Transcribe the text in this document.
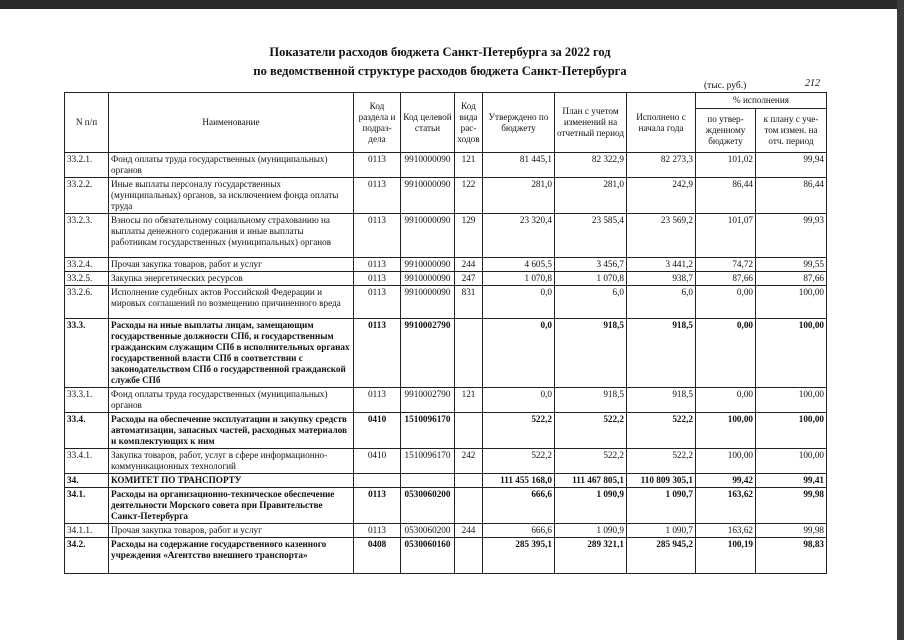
Показатели расходов бюджета Санкт-Петербурга за 2022 год
по ведомственной структуре расходов бюджета Санкт-Петербурга
(тыс. руб.)	212
N п/п	Наименование	Код раздела и подраз-дела	Код целевой статьи	Код вида рас-ходов	Утверждено по бюджету	План с учетом изменений на отчетный период	Исполнено с начала года	% исполнения	
								по утвер-жденному бюджету	к плану с уче-том измен. на отч. период
33.2.1.	Фонд оплаты труда государственных (муниципальных) органов	0113	9910000090	121	81 445,1	82 322,9	82 273,3	101,02	99,94
33.2.2.	Иные выплаты персоналу государственных (муниципальных) органов, за исключением фонда оплаты труда	0113	9910000090	122	281,0	281,0	242,9	86,44	86,44
33.2.3.	Взносы по обязательному социальному страхованию на выплаты денежного содержания и иные выплаты работникам государственных (муниципальных) органов	0113	9910000090	129	23 320,4	23 585,4	23 569,2	101,07	99,93
33.2.4.	Прочая закупка товаров, работ и услуг	0113	9910000090	244	4 605,5	3 456,7	3 441,2	74,72	99,55
33.2.5.	Закупка энергетических ресурсов	0113	9910000090	247	1 070,8	1 070,8	938,7	87,66	87,66
33.2.6.	Исполнение судебных актов Российской Федерации и мировых соглашений по возмещению причиненного вреда	0113	9910000090	831	0,0	6,0	6,0	0,00	100,00
33.3.	Расходы на иные выплаты лицам, замещающим государственные должности СПб, и государственным гражданским служащим СПб в исполнительных органах государственной власти СПб в соответствии с законодательством СПб о государственной гражданской службе СПб	0113	9910002790		0,0	918,5	918,5	0,00	100,00
33.3.1.	Фонд оплаты труда государственных (муниципальных) органов	0113	9910002790	121	0,0	918,5	918,5	0,00	100,00
33.4.	Расходы на обеспечение эксплуатации и закупку средств автоматизации, запасных частей, расходных материалов и комплектующих к ним	0410	1510096170		522,2	522,2	522,2	100,00	100,00
33.4.1.	Закупка товаров, работ, услуг в сфере информационно-коммуникационных технологий	0410	1510096170	242	522,2	522,2	522,2	100,00	100,00
34.	КОМИТЕТ ПО ТРАНСПОРТУ				111 455 168,0	111 467 805,1	110 809 305,1	99,42	99,41
34.1.	Расходы на организационно-техническое обеспечение деятельности Морского совета при Правительстве Санкт-Петербурга	0113	0530060200		666,6	1 090,9	1 090,7	163,62	99,98
34.1.1.	Прочая закупка товаров, работ и услуг	0113	0530060200	244	666,6	1 090,9	1 090,7	163,62	99,98
34.2.	Расходы на содержание государственного казенного учреждения «Агентство внешнего транспорта»	0408	0530060160		285 395,1	289 321,1	285 945,2	100,19	98,83
